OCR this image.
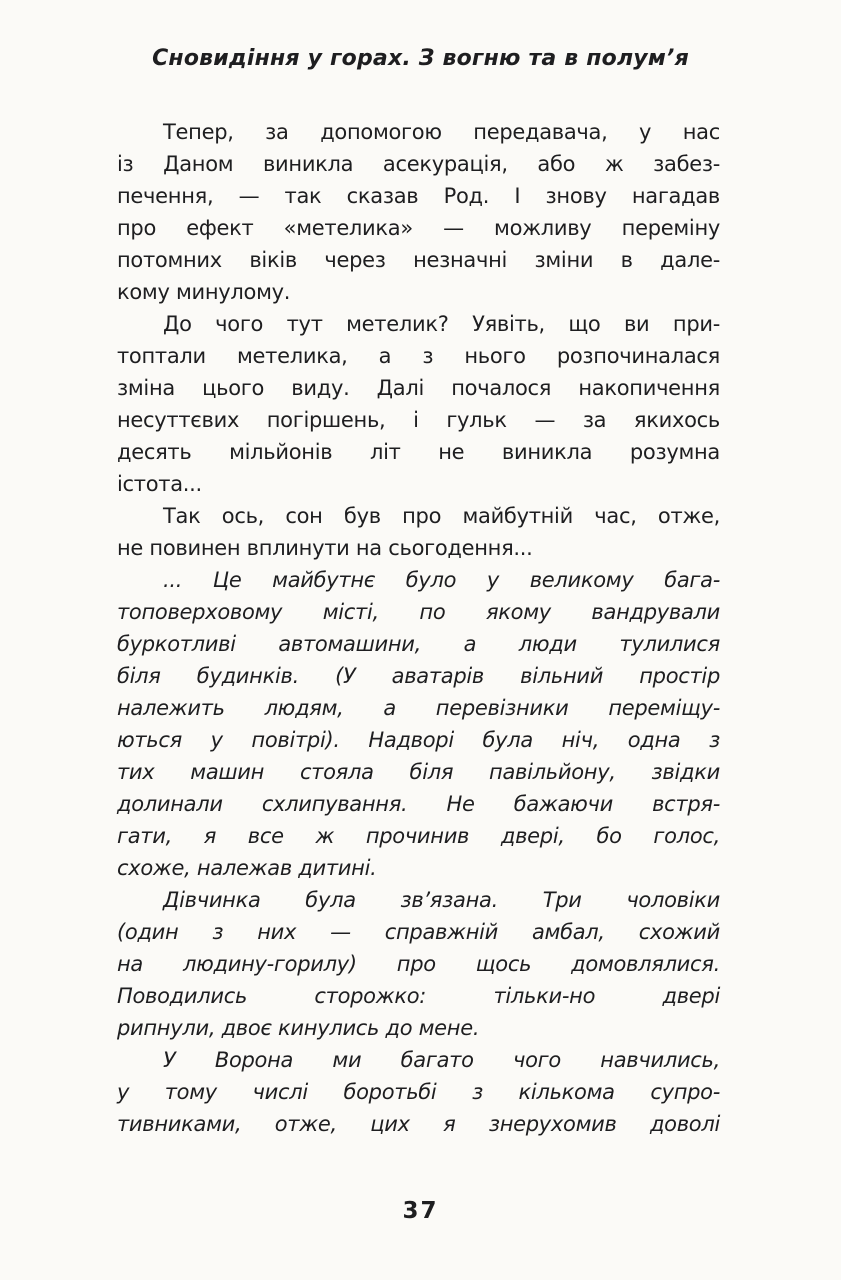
Сновидіння у горах. З вогню та в полум’я
Тепер, за допомогою передавача, у нас
із Даном виникла асекурація, або ж забез-
печення, — так сказав Род. І знову нагадав
про ефект «метелика» — можливу переміну
потомних віків через незначні зміни в дале-
кому минулому.
До чого тут метелик? Уявіть, що ви при-
топтали метелика, а з нього розпочиналася
зміна цього виду. Далі почалося накопичення
несуттєвих погіршень, і гульк — за якихось
десять мільйонів літ не виникла розумна
істота...
Так ось, сон був про майбутній час, отже,
не повинен вплинути на сьогодення...
... Це майбутнє було у великому бага-
топоверховому місті, по якому вандрували
буркотливі автомашини, а люди тулилися
біля будинків. (У аватарів вільний простір
належить людям, а перевізники переміщу-
ються у повітрі). Надворі була ніч, одна з
тих машин стояла біля павільйону, звідки
долинали схлипування. Не бажаючи встря-
гати, я все ж прочинив двері, бо голос,
схоже, належав дитині.
Дівчинка була зв’язана. Три чоловіки
(один з них — справжній амбал, схожий
на людину-горилу) про щось домовлялися.
Поводились сторожко: тільки-но двері
рипнули, двоє кинулись до мене.
У Ворона ми багато чого навчились,
у тому числі боротьбі з кількома супро-
тивниками, отже, цих я знерухомив доволі
37
